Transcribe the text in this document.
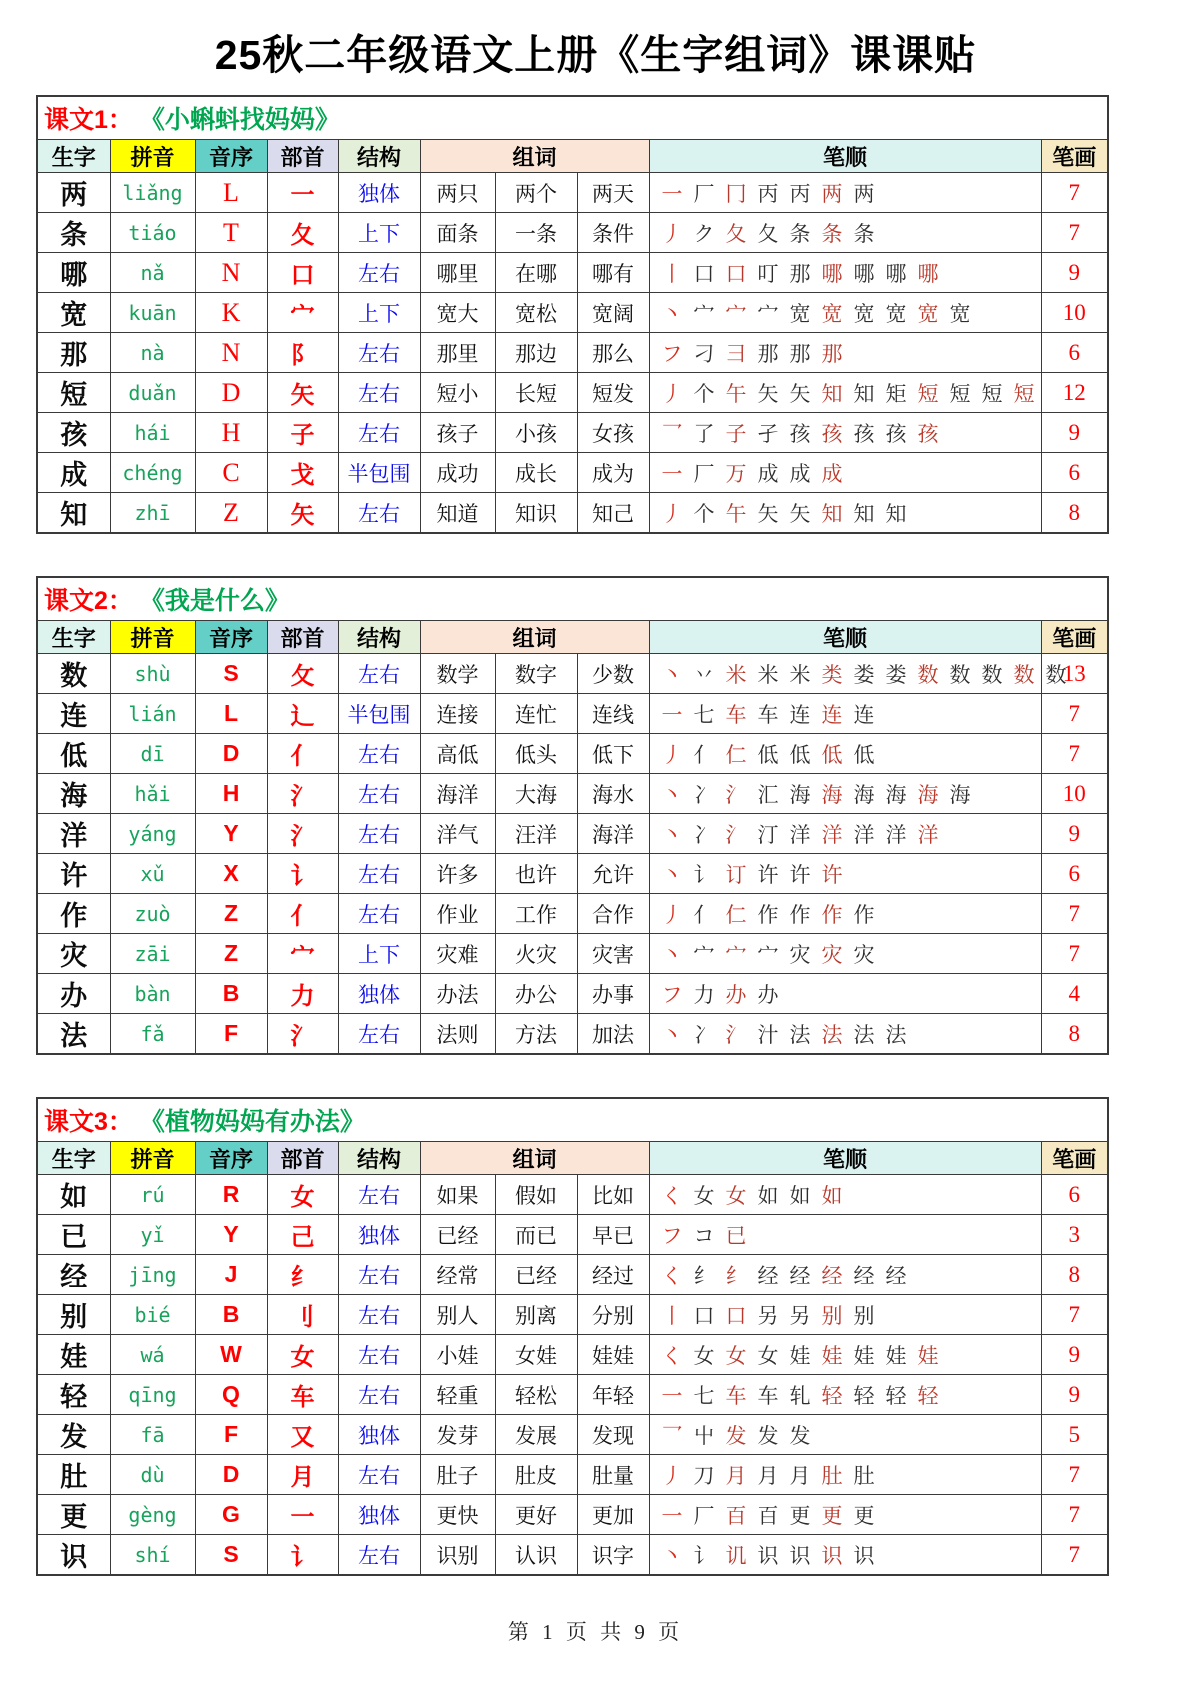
25秋二年级语文上册《生字组词》课课贴
课文1： 《小蝌蚪找妈妈》									
生字	拼音	音序	部首	结构	组词			笔顺	笔画
两	liǎng	L	一	独体	两只	两个	两天	一 厂 冂 丙 丙 两 两	7
条	tiáo	T	夂	上下	面条	一条	条件	丿 ク 夂 夂 条 条 条	7
哪	nǎ	N	口	左右	哪里	在哪	哪有	丨 口 口 叮 那 哪 哪 哪 哪	9
宽	kuān	K	宀	上下	宽大	宽松	宽阔	丶 宀 宀 宀 宽 宽 宽 宽 宽 宽	10
那	nà	N	阝	左右	那里	那边	那么	フ 刁 彐 那 那 那	6
短	duǎn	D	矢	左右	短小	长短	短发	丿 个 午 矢 矢 知 知 矩 短 短 短 短	12
孩	hái	H	子	左右	孩子	小孩	女孩	乛 了 子 孑 孩 孩 孩 孩 孩	9
成	chéng	C	戈	半包围	成功	成长	成为	一 厂 万 成 成 成	6
知	zhī	Z	矢	左右	知道	知识	知己	丿 个 午 矢 矢 知 知 知	8
课文2： 《我是什么》									
生字	拼音	音序	部首	结构	组词			笔顺	笔画
数	shù	S	攵	左右	数学	数字	少数	丶 丷 米 米 米 类 娄 娄 数 数 数 数 数	13
连	lián	L	辶	半包围	连接	连忙	连线	一 七 车 车 连 连 连	7
低	dī	D	亻	左右	高低	低头	低下	丿 亻 仁 低 低 低 低	7
海	hǎi	H	氵	左右	海洋	大海	海水	丶 冫 氵 汇 海 海 海 海 海 海	10
洋	yáng	Y	氵	左右	洋气	汪洋	海洋	丶 冫 氵 汀 洋 洋 洋 洋 洋	9
许	xǔ	X	讠	左右	许多	也许	允许	丶 讠 订 许 许 许	6
作	zuò	Z	亻	左右	作业	工作	合作	丿 亻 仁 作 作 作 作	7
灾	zāi	Z	宀	上下	灾难	火灾	灾害	丶 宀 宀 宀 灾 灾 灾	7
办	bàn	B	力	独体	办法	办公	办事	フ 力 办 办	4
法	fǎ	F	氵	左右	法则	方法	加法	丶 冫 氵 汁 法 法 法 法	8
课文3： 《植物妈妈有办法》									
生字	拼音	音序	部首	结构	组词			笔顺	笔画
如	rú	R	女	左右	如果	假如	比如	く 女 女 如 如 如	6
已	yǐ	Y	己	独体	已经	而已	早已	フ コ 已	3
经	jīng	J	纟	左右	经常	已经	经过	く 纟 纟 经 经 经 经 经	8
别	bié	B	刂	左右	别人	别离	分别	丨 口 口 另 另 别 别	7
娃	wá	W	女	左右	小娃	女娃	娃娃	く 女 女 女 娃 娃 娃 娃 娃	9
轻	qīng	Q	车	左右	轻重	轻松	年轻	一 七 车 车 轧 轻 轻 轻 轻	9
发	fā	F	又	独体	发芽	发展	发现	乛 屮 发 发 发	5
肚	dù	D	月	左右	肚子	肚皮	肚量	丿 刀 月 月 月 肚 肚	7
更	gèng	G	一	独体	更快	更好	更加	一 厂 百 百 更 更 更	7
识	shí	S	讠	左右	识别	认识	识字	丶 讠 讥 识 识 识 识	7
第 1 页 共 9 页
